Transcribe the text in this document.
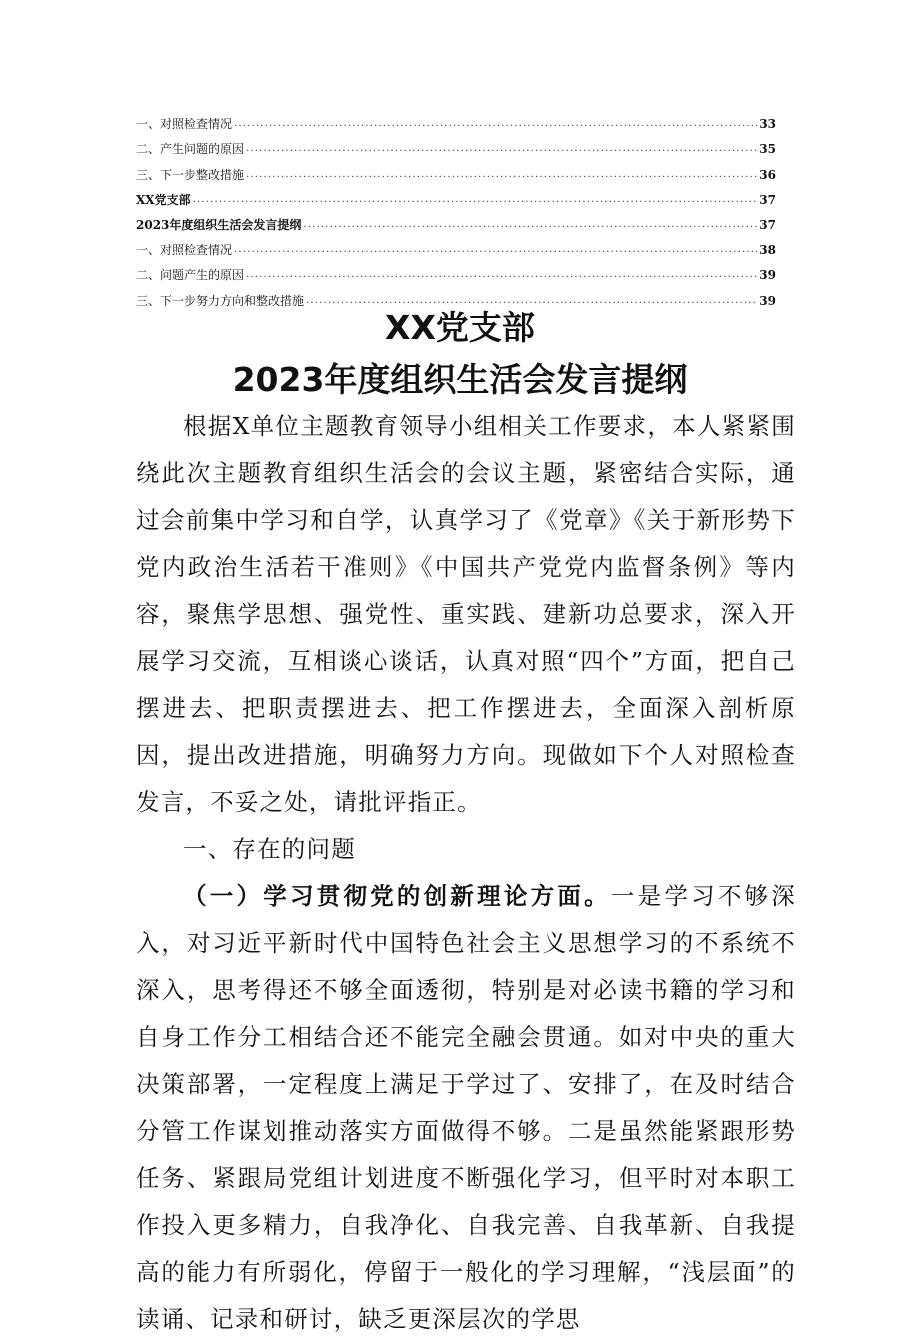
一、对照检查情况 .....	33
二、产生问题的原因 .....	35
三、下一步整改措施 .....	36
XX党支部 .....	37
2023年度组织生活会发言提纲 .....	37
一、对照检查情况 .....	38
二、问题产生的原因 .....	39
三、下一步努力方向和整改措施 .....	39
XX党支部
2023年度组织生活会发言提纲

根据X单位主题教育领导小组相关工作要求，本人紧紧围绕此次主题教育组织生活会的会议主题，紧密结合实际，通过会前集中学习和自学，认真学习了《党章》《关于新形势下党内政治生活若干准则》《中国共产党党内监督条例》等内容，聚焦学思想、强党性、重实践、建新功总要求，深入开展学习交流，互相谈心谈话，认真对照“四个”方面，把自己摆进去、把职责摆进去、把工作摆进去，全面深入剖析原因，提出改进措施，明确努力方向。现做如下个人对照检查发言，不妥之处，请批评指正。

一、存在的问题

（一）学习贯彻党的创新理论方面。一是学习不够深入，对习近平新时代中国特色社会主义思想学习的不系统不深入，思考得还不够全面透彻，特别是对必读书籍的学习和自身工作分工相结合还不能完全融会贯通。如对中央的重大决策部署，一定程度上满足于学过了、安排了，在及时结合分管工作谋划推动落实方面做得不够。二是虽然能紧跟形势任务、紧跟局党组计划进度不断强化学习，但平时对本职工作投入更多精力，自我净化、自我完善、自我革新、自我提高的能力有所弱化，停留于一般化的学习理解，“浅层面”的读诵、记录和研讨，缺乏更深层次的学思
